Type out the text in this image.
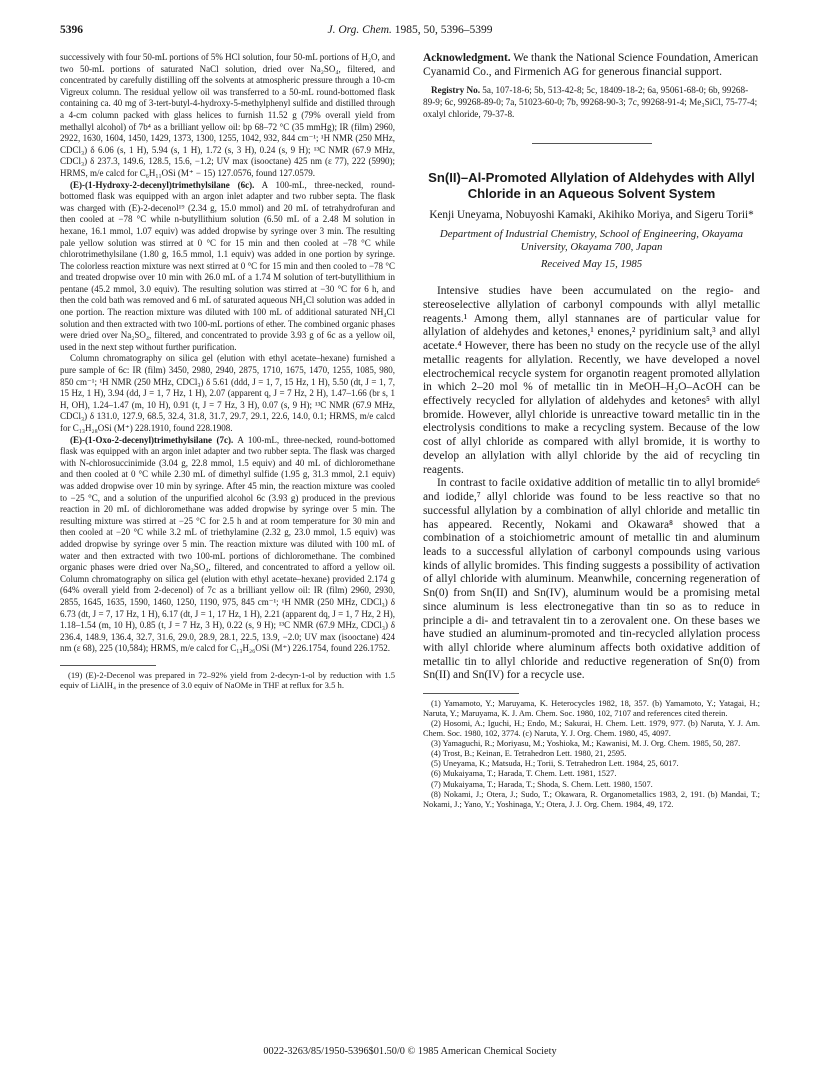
5396	J. Org. Chem. 1985, 50, 5396–5399

successively with four 50-mL portions of 5% HCl solution, four 50-mL portions of H₂O, and two 50-mL portions of saturated NaCl solution, dried over Na₂SO₄, filtered, and concentrated by carefully distilling off the solvents at atmospheric pressure through a 10-cm Vigreux column. The residual yellow oil was transferred to a 50-mL round-bottomed flask containing ca. 40 mg of 3-tert-butyl-4-hydroxy-5-methylphenyl sulfide and distilled through a 4-cm column packed with glass helices to furnish 11.52 g (79% overall yield from methallyl alcohol) of 7b⁴ as a brilliant yellow oil: bp 68–72 °C (35 mmHg); IR (film) 2960, 2922, 1630, 1604, 1450, 1429, 1373, 1300, 1255, 1042, 932, 844 cm⁻¹; ¹H NMR (250 MHz, CDCl₃) δ 6.06 (s, 1 H), 5.94 (s, 1 H), 1.72 (s, 3 H), 0.24 (s, 9 H); ¹³C NMR (67.9 MHz, CDCl₃) δ 237.3, 149.6, 128.5, 15.6, −1.2; UV max (isooctane) 425 nm (ε 77), 222 (5990); HRMS, m/e calcd for C₆H₁₁OSi (M⁺ − 15) 127.0576, found 127.0579.

(E)-(1-Hydroxy-2-decenyl)trimethylsilane (6c). A 100-mL, three-necked, round-bottomed flask was equipped with an argon inlet adapter and two rubber septa. The flask was charged with (E)-2-decenol¹⁹ (2.34 g, 15.0 mmol) and 20 mL of tetrahydrofuran and then cooled at −78 °C while n-butyllithium solution (6.50 mL of a 2.48 M solution in hexane, 16.1 mmol, 1.07 equiv) was added dropwise by syringe over 3 min. The resulting pale yellow solution was stirred at 0 °C for 15 min and then cooled at −78 °C while chlorotrimethylsilane (1.80 g, 16.5 mmol, 1.1 equiv) was added in one portion by syringe. The colorless reaction mixture was next stirred at 0 °C for 15 min and then cooled to −78 °C and treated dropwise over 10 min with 26.0 mL of a 1.74 M solution of tert-butyllithium in pentane (45.2 mmol, 3.0 equiv). The resulting solution was stirred at −30 °C for 6 h, and then the cold bath was removed and 6 mL of saturated aqueous NH₄Cl solution was added in one portion. The reaction mixture was diluted with 100 mL of additional saturated NH₄Cl solution and then extracted with two 100-mL portions of ether. The combined organic phases were dried over Na₂SO₄, filtered, and concentrated to provide 3.93 g of 6c as a yellow oil, used in the next step without further purification.

Column chromatography on silica gel (elution with ethyl acetate–hexane) furnished a pure sample of 6c: IR (film) 3450, 2980, 2940, 2875, 1710, 1675, 1470, 1255, 1085, 980, 850 cm⁻¹; ¹H NMR (250 MHz, CDCl₃) δ 5.61 (ddd, J = 1, 7, 15 Hz, 1 H), 5.50 (dt, J = 1, 7, 15 Hz, 1 H), 3.94 (dd, J = 1, 7 Hz, 1 H), 2.07 (apparent q, J = 7 Hz, 2 H), 1.47–1.66 (br s, 1 H, OH), 1.24–1.47 (m, 10 H), 0.91 (t, J = 7 Hz, 3 H), 0.07 (s, 9 H); ¹³C NMR (67.9 MHz, CDCl₃) δ 131.0, 127.9, 68.5, 32.4, 31.8, 31.7, 29.7, 29.1, 22.6, 14.0, 0.1; HRMS, m/e calcd for C₁₃H₂₈OSi (M⁺) 228.1910, found 228.1908.

(E)-(1-Oxo-2-decenyl)trimethylsilane (7c). A 100-mL, three-necked, round-bottomed flask was equipped with an argon inlet adapter and two rubber septa. The flask was charged with N-chlorosuccinimide (3.04 g, 22.8 mmol, 1.5 equiv) and 40 mL of dichloromethane and then cooled at 0 °C while 2.30 mL of dimethyl sulfide (1.95 g, 31.3 mmol, 2.1 equiv) was added dropwise over 10 min by syringe. After 45 min, the reaction mixture was cooled to −25 °C, and a solution of the unpurified alcohol 6c (3.93 g) produced in the previous reaction in 20 mL of dichloromethane was added dropwise by syringe over 5 min. The resulting mixture was stirred at −25 °C for 2.5 h and at room temperature for 30 min and then cooled at −20 °C while 3.2 mL of triethylamine (2.32 g, 23.0 mmol, 1.5 equiv) was added dropwise by syringe over 5 min. The reaction mixture was diluted with 100 mL of water and then extracted with two 100-mL portions of dichloromethane. The combined organic phases were dried over Na₂SO₄, filtered, and concentrated to afford a yellow oil. Column chromatography on silica gel (elution with ethyl acetate–hexane) provided 2.174 g (64% overall yield from 2-decenol) of 7c as a brilliant yellow oil: IR (film) 2960, 2930, 2855, 1645, 1635, 1590, 1460, 1250, 1190, 975, 845 cm⁻¹; ¹H NMR (250 MHz, CDCl₃) δ 6.73 (dt, J = 7, 17 Hz, 1 H), 6.17 (dt, J = 1, 17 Hz, 1 H), 2.21 (apparent dq, J = 1, 7 Hz, 2 H), 1.18–1.54 (m, 10 H), 0.85 (t, J = 7 Hz, 3 H), 0.22 (s, 9 H); ¹³C NMR (67.9 MHz, CDCl₃) δ 236.4, 148.9, 136.4, 32.7, 31.6, 29.0, 28.9, 28.1, 22.5, 13.9, −2.0; UV max (isooctane) 424 nm (ε 68), 225 (10,584); HRMS, m/e calcd for C₁₃H₂₆OSi (M⁺) 226.1754, found 226.1752.

(19) (E)-2-Decenol was prepared in 72–92% yield from 2-decyn-1-ol by reduction with 1.5 equiv of LiAlH₄ in the presence of 3.0 equiv of NaOMe in THF at reflux for 3.5 h.

Acknowledgment. We thank the National Science Foundation, American Cyanamid Co., and Firmenich AG for generous financial support.

Registry No. 5a, 107-18-6; 5b, 513-42-8; 5c, 18409-18-2; 6a, 95061-68-0; 6b, 99268-89-9; 6c, 99268-89-0; 7a, 51023-60-0; 7b, 99268-90-3; 7c, 99268-91-4; Me₃SiCl, 75-77-4; oxalyl chloride, 79-37-8.

Sn(II)–Al-Promoted Allylation of Aldehydes with Allyl Chloride in an Aqueous Solvent System
Kenji Uneyama, Nobuyoshi Kamaki, Akihiko Moriya, and Sigeru Torii*
Department of Industrial Chemistry, School of Engineering, Okayama University, Okayama 700, Japan
Received May 15, 1985

Intensive studies have been accumulated on the regio- and stereoselective allylation of carbonyl compounds with allyl metallic reagents.¹ Among them, allyl stannanes are of particular value for allylation of aldehydes and ketones,¹ enones,² pyridinium salt,³ and allyl acetate.⁴ However, there has been no study on the recycle use of the allyl metallic reagents for allylation. Recently, we have developed a novel electrochemical recycle system for organotin reagent promoted allylation in which 2–20 mol % of metallic tin in MeOH–H₂O–AcOH can be effectively recycled for allylation of aldehydes and ketones⁵ with allyl bromide. However, allyl chloride is unreactive toward metallic tin in the electrolysis conditions to make a recycling system. Because of the low cost of allyl chloride as compared with allyl bromide, it is worthy to develop an allylation with allyl chloride by the aid of recycling tin reagents.

In contrast to facile oxidative addition of metallic tin to allyl bromide⁶ and iodide,⁷ allyl chloride was found to be less reactive so that no successful allylation by a combination of allyl chloride and metallic tin has appeared. Recently, Nokami and Okawara⁸ showed that a combination of a stoichiometric amount of metallic tin and aluminum leads to a successful allylation of carbonyl compounds using various kinds of allylic bromides. This finding suggests a possibility of activation of allyl chloride with aluminum. Meanwhile, concerning regeneration of Sn(0) from Sn(II) and Sn(IV), aluminum would be a promising metal since aluminum is less electronegative than tin so as to reduce in principle a di- and tetravalent tin to a zerovalent one. On these bases we have studied an aluminum-promoted and tin-recycled allylation process with allyl chloride where aluminum affects both oxidative addition of metallic tin to allyl chloride and reductive regeneration of Sn(0) from Sn(II) and Sn(IV) for a recycle use.

(1) Yamamoto, Y.; Maruyama, K. Heterocycles 1982, 18, 357. (b) Yamamoto, Y.; Yatagai, H.; Naruta, Y.; Maruyama, K. J. Am. Chem. Soc. 1980, 102, 7107 and references cited therein.

(2) Hosomi, A.; Iguchi, H.; Endo, M.; Sakurai, H. Chem. Lett. 1979, 977. (b) Naruta, Y. J. Am. Chem. Soc. 1980, 102, 3774. (c) Naruta, Y. J. Org. Chem. 1980, 45, 4097.

(3) Yamaguchi, R.; Moriyasu, M.; Yoshioka, M.; Kawanisi, M. J. Org. Chem. 1985, 50, 287.

(4) Trost, B.; Keinan, E. Tetrahedron Lett. 1980, 21, 2595.

(5) Uneyama, K.; Matsuda, H.; Torii, S. Tetrahedron Lett. 1984, 25, 6017.

(6) Mukaiyama, T.; Harada, T. Chem. Lett. 1981, 1527.

(7) Mukaiyama, T.; Harada, T.; Shoda, S. Chem. Lett. 1980, 1507.

(8) Nokami, J.; Otera, J.; Sudo, T.; Okawara, R. Organometallics 1983, 2, 191. (b) Mandai, T.; Nokami, J.; Yano, Y.; Yoshinaga, Y.; Otera, J. J. Org. Chem. 1984, 49, 172.

0022-3263/85/1950-5396$01.50/0 © 1985 American Chemical Society
